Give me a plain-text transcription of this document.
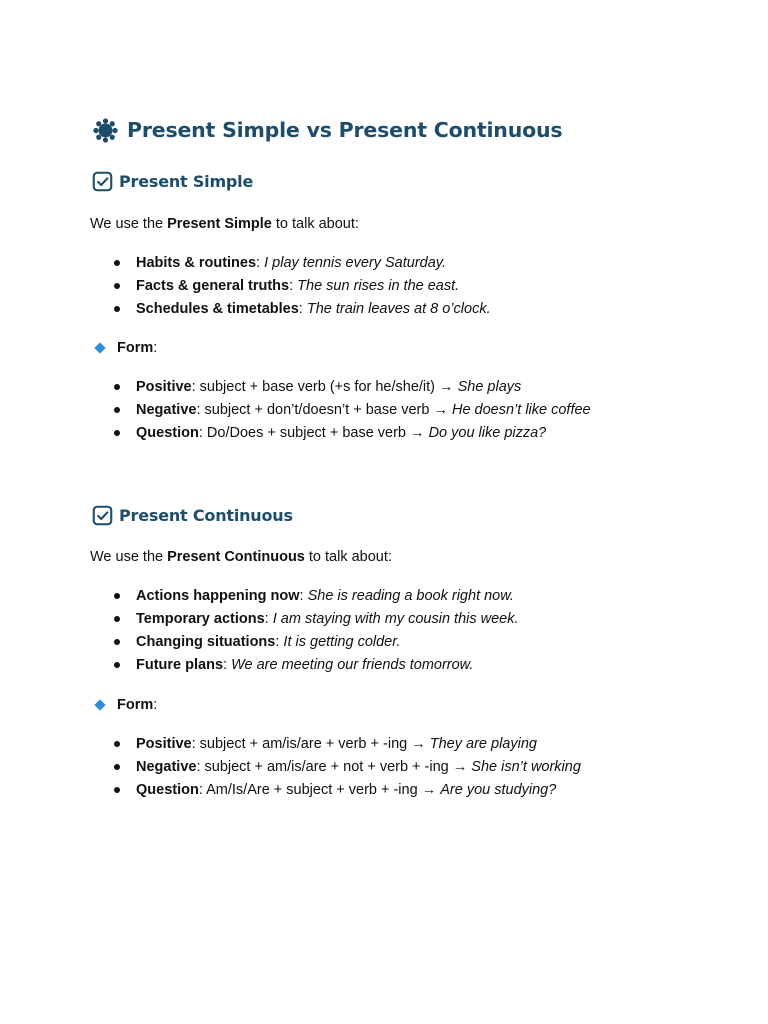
Present Simple vs Present Continuous
Present Simple
We use the Present Simple to talk about:
Habits & routines: I play tennis every Saturday.
Facts & general truths: The sun rises in the east.
Schedules & timetables: The train leaves at 8 o’clock.
Form :
Positive: subject + base verb (+s for he/she/it) → She plays
Negative: subject + don’t/doesn’t + base verb → He doesn’t like coffee
Question: Do/Does + subject + base verb → Do you like pizza?
Present Continuous
We use the Present Continuous to talk about:
Actions happening now: She is reading a book right now.
Temporary actions: I am staying with my cousin this week.
Changing situations: It is getting colder.
Future plans: We are meeting our friends tomorrow.
Form :
Positive: subject + am/is/are + verb + -ing → They are playing
Negative: subject + am/is/are + not + verb + -ing → She isn’t working
Question: Am/Is/Are + subject + verb + -ing → Are you studying?
